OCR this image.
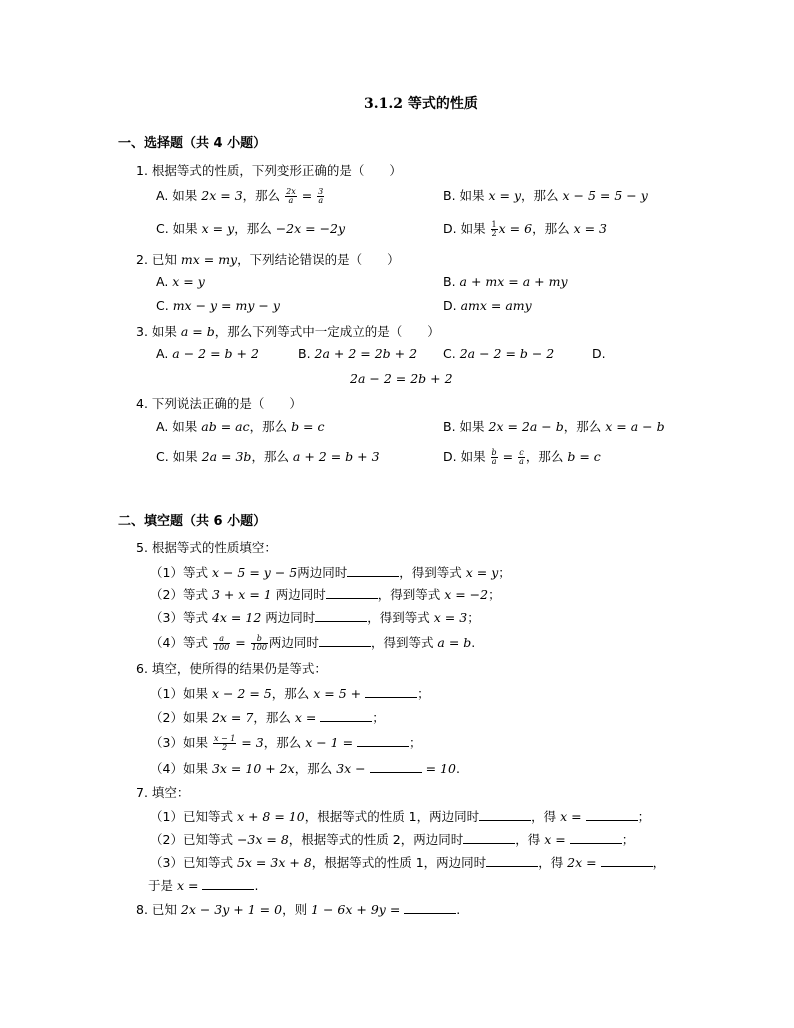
3.1.2 等式的性质
一、选择题（共 4 小题）
1. 根据等式的性质，下列变形正确的是（　　）
A. 如果 2x = 3，那么 $\frac{2x}{a} = \frac{3}{a}$	B. 如果 x = y，那么 x − 5 = 5 − y
C. 如果 x = y，那么 −2x = −2y	D. 如果 $\frac{1}{2}$ x = 6，那么 x = 3
2. 已知 mx = my，下列结论错误的是（　　）
A. x = y	B. a + mx = a + my
C. mx − y = my − y	D. amx = amy
3. 如果 a = b，那么下列等式中一定成立的是（　　）
A. a − 2 = b + 2	B. 2a + 2 = 2b + 2 C. 2a − 2 = b − 2	D.
2a − 2 = 2b + 2
4. 下列说法正确的是（　　）
A. 如果 ab = ac，那么 b = c	B. 如果 2x = 2a − b，那么 x = a − b
C. 如果 2a = 3b，那么 a + 2 = b + 3	D. 如果 $\frac{b}{a} = \frac{c}{a}$ ，那么 b = c
二、填空题（共 6 小题）
5. 根据等式的性质填空：
（1）等式 x − 5 = y − 5两边同时	，得到等式 x = y；
（2）等式 3 + x = 1 两边同时	，得到等式 x = −2；
（3）等式 4x = 12 两边同时	，得到等式 x = 3；
（4）等式 $\frac{a}{100} = \frac{b}{100}$ 两边同时	，得到等式 a = b.
6. 填空，使所得的结果仍是等式：
（1）如果 x − 2 = 5，那么 x = 5 +	；
（2）如果 2x = 7，那么 x =	；
（3）如果 $\frac{x - 1}{2} = 3$，那么 x − 1 =	；
（4）如果 3x = 10 + 2x，那么 3x −	= 10.
7. 填空：
（1）已知等式 x + 8 = 10，根据等式的性质 1，两边同时	，得 x =	；
（2）已知等式 −3x = 8，根据等式的性质 2，两边同时	，得 x =	；
（3）已知等式 5x = 3x + 8，根据等式的性质 1，两边同时	，得 2x =	，
于是 x =	.
8. 已知 2x − 3y + 1 = 0，则 1 − 6x + 9y =	.
